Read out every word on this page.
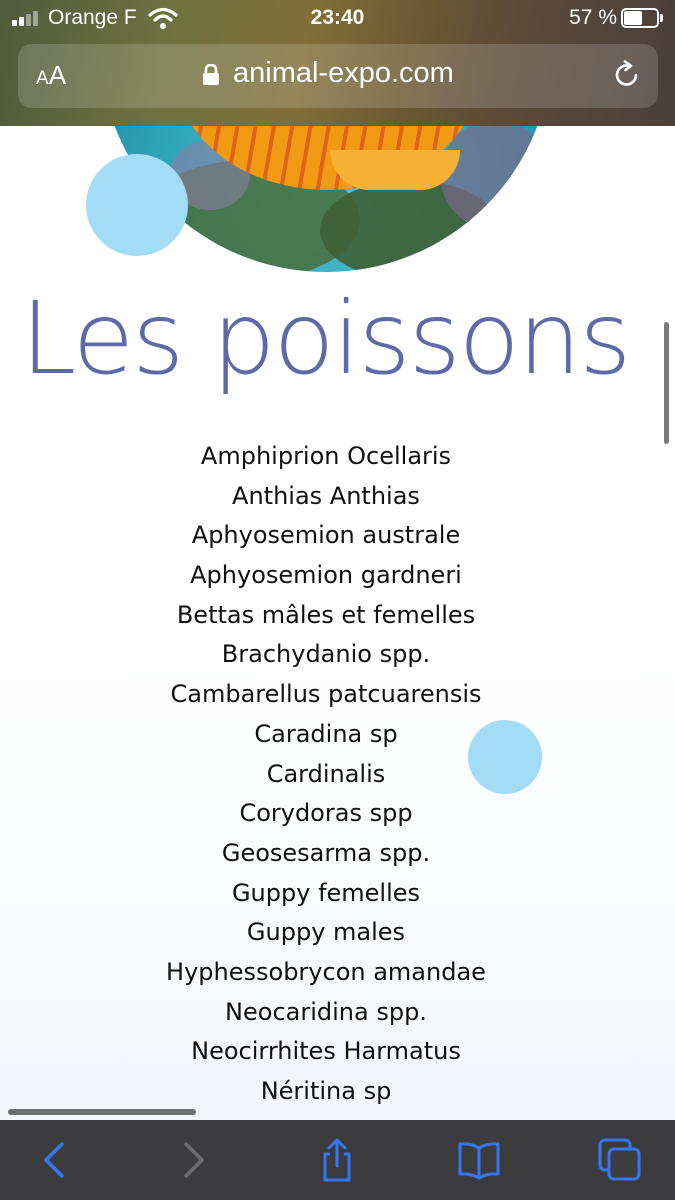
Orange F	23:40	57 %
AA	animal-expo.com
Les poissons
Amphiprion Ocellaris
Anthias Anthias
Aphyosemion australe
Aphyosemion gardneri
Bettas mâles et femelles
Brachydanio spp.
Cambarellus patcuarensis
Caradina sp
Cardinalis
Corydoras spp
Geosesarma spp.
Guppy femelles
Guppy males
Hyphessobrycon amandae
Neocaridina spp.
Neocirrhites Harmatus
Néritina sp
